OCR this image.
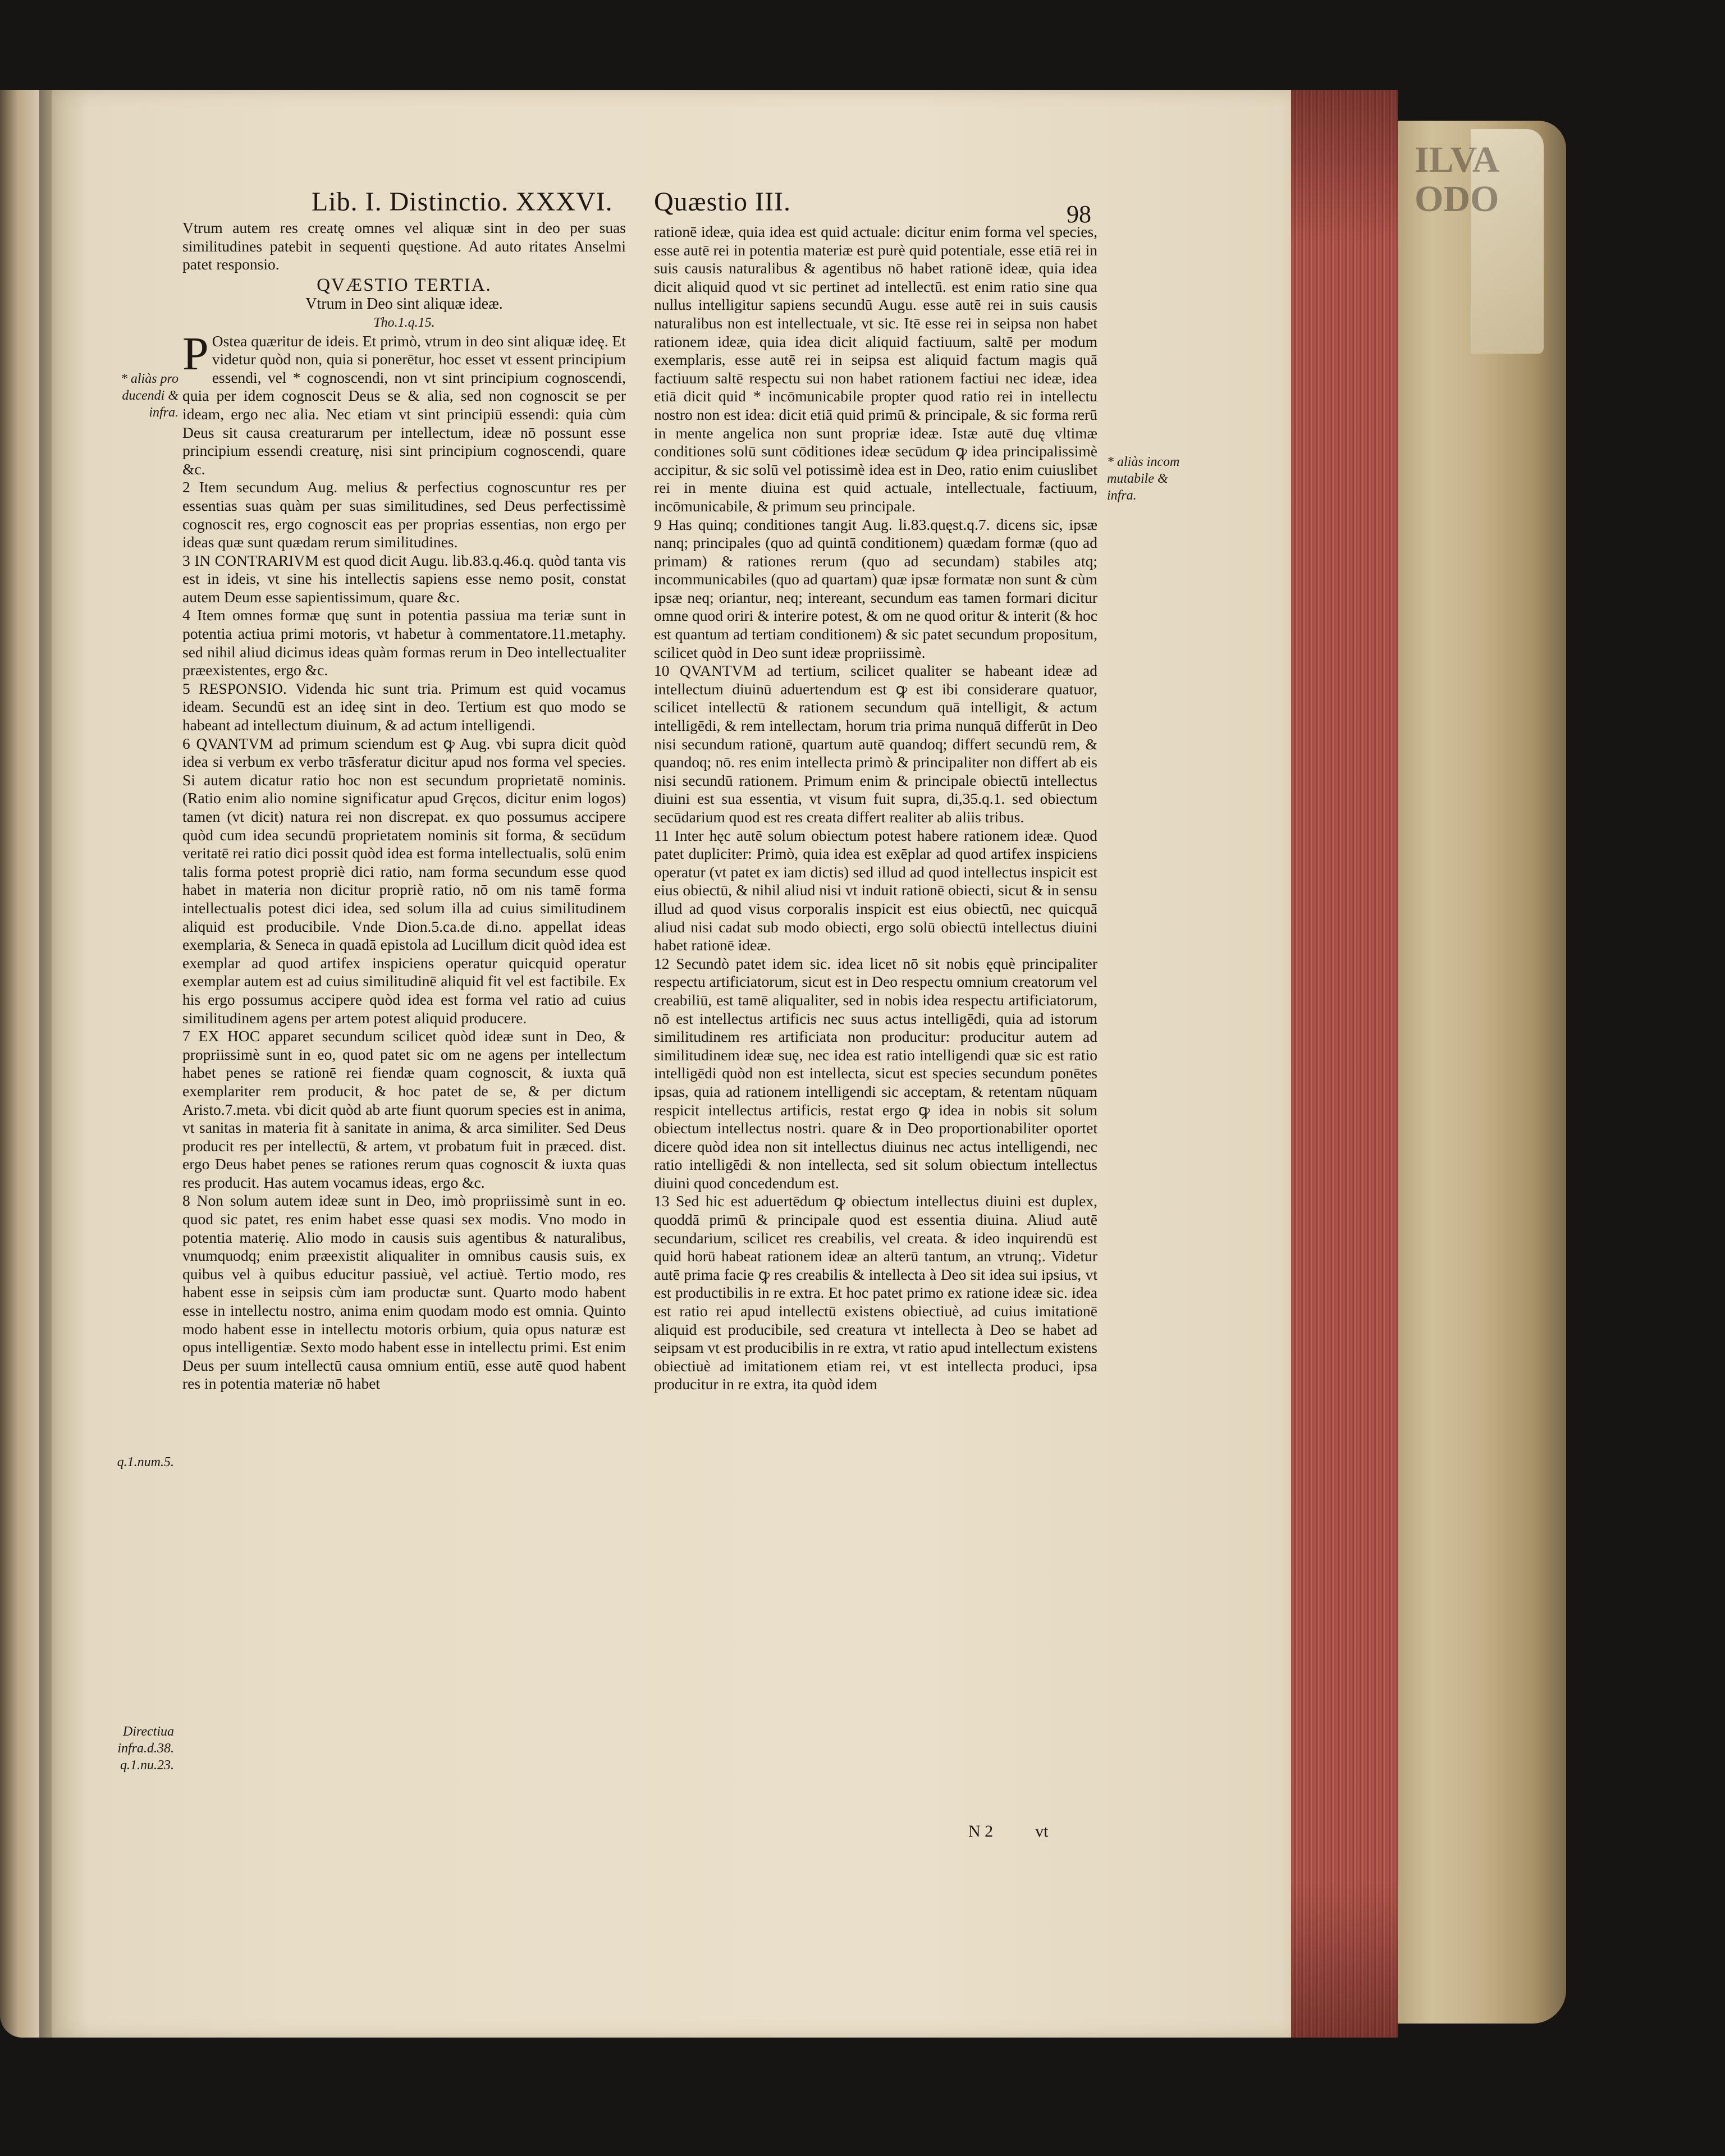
ILVA
ODO
Lib. I. Distinctio. XXXVI. Quæstio III.	98
* aliàs pro ducendi & infra.
q.1.num.5.
Directiua infra.d.38. q.1.nu.23.
* aliàs incom mutabile & infra.

Vtrum autem res creatę omnes vel aliquæ sint in deo per suas similitudines patebit in sequenti quęstione. Ad auto ritates Anselmi patet responsio.

QVÆSTIO TERTIA.
Vtrum in Deo sint aliquæ ideæ.
Tho.1.q.15.

P Ostea quæritur de ideis. Et primò, vtrum in deo sint aliquæ ideę. Et videtur quòd non, quia si ponerētur, hoc esset vt essent principium essendi, vel * cognoscendi, non vt sint principium cognoscendi, quia per idem cognoscit Deus se & alia, sed non cognoscit se per ideam, ergo nec alia. Nec etiam vt sint principiū essendi: quia cùm Deus sit causa creaturarum per intellectum, ideæ nō possunt esse principium essendi creaturę, nisi sint principium cognoscendi, quare &c.

2 Item secundum Aug. melius & perfectius cognoscuntur res per essentias suas quàm per suas similitudines, sed Deus perfectissimè cognoscit res, ergo cognoscit eas per proprias essentias, non ergo per ideas quæ sunt quædam rerum similitudines.

3 IN CONTRARIVM est quod dicit Augu. lib.83.q.46.q. quòd tanta vis est in ideis, vt sine his intellectis sapiens esse nemo posit, constat autem Deum esse sapientissimum, quare &c.

4 Item omnes formæ quę sunt in potentia passiua ma teriæ sunt in potentia actiua primi motoris, vt habetur à commentatore.11.metaphy. sed nihil aliud dicimus ideas quàm formas rerum in Deo intellectualiter præexistentes, ergo &c.

5 RESPONSIO. Videnda hic sunt tria. Primum est quid vocamus ideam. Secundū est an ideę sint in deo. Tertium est quo modo se habeant ad intellectum diuinum, & ad actum intelligendi.

6 QVANTVM ad primum sciendum est ꝙ Aug. vbi supra dicit quòd idea si verbum ex verbo trāsferatur dicitur apud nos forma vel species. Si autem dicatur ratio hoc non est secundum proprietatē nominis. (Ratio enim alio nomine significatur apud Gręcos, dicitur enim logos) tamen (vt dicit) natura rei non discrepat. ex quo possumus accipere quòd cum idea secundū proprietatem nominis sit forma, & secūdum veritatē rei ratio dici possit quòd idea est forma intellectualis, solū enim talis forma potest propriè dici ratio, nam forma secundum esse quod habet in materia non dicitur propriè ratio, nō om nis tamē forma intellectualis potest dici idea, sed solum illa ad cuius similitudinem aliquid est producibile. Vnde Dion.5.ca.de di.no. appellat ideas exemplaria, & Seneca in quadā epistola ad Lucillum dicit quòd idea est exemplar ad quod artifex inspiciens operatur quicquid operatur exemplar autem est ad cuius similitudinē aliquid fit vel est factibile. Ex his ergo possumus accipere quòd idea est forma vel ratio ad cuius similitudinem agens per artem potest aliquid producere.

7 EX HOC apparet secundum scilicet quòd ideæ sunt in Deo, & propriissimè sunt in eo, quod patet sic om ne agens per intellectum habet penes se rationē rei fiendæ quam cognoscit, & iuxta quā exemplariter rem producit, & hoc patet de se, & per dictum Aristo.7.meta. vbi dicit quòd ab arte fiunt quorum species est in anima, vt sanitas in materia fit à sanitate in anima, & arca similiter. Sed Deus producit res per intellectū, & artem, vt probatum fuit in præced. dist. ergo Deus habet penes se rationes rerum quas cognoscit & iuxta quas res producit. Has autem vocamus ideas, ergo &c.

8 Non solum autem ideæ sunt in Deo, imò propriissimè sunt in eo. quod sic patet, res enim habet esse quasi sex modis. Vno modo in potentia materię. Alio modo in causis suis agentibus & naturalibus, vnumquodq; enim præexistit aliqualiter in omnibus causis suis, ex quibus vel à quibus educitur passiuè, vel actiuè. Tertio modo, res habent esse in seipsis cùm iam productæ sunt. Quarto modo habent esse in intellectu nostro, anima enim quodam modo est omnia. Quinto modo habent esse in intellectu motoris orbium, quia opus naturæ est opus intelligentiæ. Sexto modo habent esse in intellectu primi. Est enim Deus per suum intellectū causa omnium entiū, esse autē quod habent res in potentia materiæ nō habet

rationē ideæ, quia idea est quid actuale: dicitur enim forma vel species, esse autē rei in potentia materiæ est purè quid potentiale, esse etiā rei in suis causis naturalibus & agentibus nō habet rationē ideæ, quia idea dicit aliquid quod vt sic pertinet ad intellectū. est enim ratio sine qua nullus intelligitur sapiens secundū Augu. esse autē rei in suis causis naturalibus non est intellectuale, vt sic. Itē esse rei in seipsa non habet rationem ideæ, quia idea dicit aliquid factiuum, saltē per modum exemplaris, esse autē rei in seipsa est aliquid factum magis quā factiuum saltē respectu sui non habet rationem factiui nec ideæ, idea etiā dicit quid * incōmunicabile propter quod ratio rei in intellectu nostro non est idea: dicit etiā quid primū & principale, & sic forma rerū in mente angelica non sunt propriæ ideæ. Istæ autē duę vltimæ conditiones solū sunt cōditiones ideæ secūdum ꝙ idea principalissimè accipitur, & sic solū vel potissimè idea est in Deo, ratio enim cuiuslibet rei in mente diuina est quid actuale, intellectuale, factiuum, incōmunicabile, & primum seu principale.

9 Has quinq; conditiones tangit Aug. li.83.quęst.q.7. dicens sic, ipsæ nanq; principales (quo ad quintā conditionem) quædam formæ (quo ad primam) & rationes rerum (quo ad secundam) stabiles atq; incommunicabiles (quo ad quartam) quæ ipsæ formatæ non sunt & cùm ipsæ neq; oriantur, neq; intereant, secundum eas tamen formari dicitur omne quod oriri & interire potest, & om ne quod oritur & interit (& hoc est quantum ad tertiam conditionem) & sic patet secundum propositum, scilicet quòd in Deo sunt ideæ propriissimè.

10 QVANTVM ad tertium, scilicet qualiter se habeant ideæ ad intellectum diuinū aduertendum est ꝙ est ibi considerare quatuor, scilicet intellectū & rationem secundum quā intelligit, & actum intelligēdi, & rem intellectam, horum tria prima nunquā differūt in Deo nisi secundum rationē, quartum autē quandoq; differt secundū rem, & quandoq; nō. res enim intellecta primò & principaliter non differt ab eis nisi secundū rationem. Primum enim & principale obiectū intellectus diuini est sua essentia, vt visum fuit supra, di,35.q.1. sed obiectum secūdarium quod est res creata differt realiter ab aliis tribus.

11 Inter hęc autē solum obiectum potest habere rationem ideæ. Quod patet dupliciter: Primò, quia idea est exēplar ad quod artifex inspiciens operatur (vt patet ex iam dictis) sed illud ad quod intellectus inspicit est eius obiectū, & nihil aliud nisi vt induit rationē obiecti, sicut & in sensu illud ad quod visus corporalis inspicit est eius obiectū, nec quicquā aliud nisi cadat sub modo obiecti, ergo solū obiectū intellectus diuini habet rationē ideæ.

12 Secundò patet idem sic. idea licet nō sit nobis ęquè principaliter respectu artificiatorum, sicut est in Deo respectu omnium creatorum vel creabiliū, est tamē aliqualiter, sed in nobis idea respectu artificiatorum, nō est intellectus artificis nec suus actus intelligēdi, quia ad istorum similitudinem res artificiata non producitur: producitur autem ad similitudinem ideæ suę, nec idea est ratio intelligendi quæ sic est ratio intelligēdi quòd non est intellecta, sicut est species secundum ponētes ipsas, quia ad rationem intelligendi sic acceptam, & retentam nūquam respicit intellectus artificis, restat ergo ꝙ idea in nobis sit solum obiectum intellectus nostri. quare & in Deo proportionabiliter oportet dicere quòd idea non sit intellectus diuinus nec actus intelligendi, nec ratio intelligēdi & non intellecta, sed sit solum obiectum intellectus diuini quod concedendum est.

13 Sed hic est aduertēdum ꝙ obiectum intellectus diuini est duplex, quoddā primū & principale quod est essentia diuina. Aliud autē secundarium, scilicet res creabilis, vel creata. & ideo inquirendū est quid horū habeat rationem ideæ an alterū tantum, an vtrunq;. Videtur autē prima facie ꝙ res creabilis & intellecta à Deo sit idea sui ipsius, vt est productibilis in re extra. Et hoc patet primo ex ratione ideæ sic. idea est ratio rei apud intellectū existens obiectiuè, ad cuius imitationē aliquid est producibile, sed creatura vt intellecta à Deo se habet ad seipsam vt est producibilis in re extra, vt ratio apud intellectum existens obiectiuè ad imitationem etiam rei, vt est intellecta produci, ipsa producitur in re extra, ita quòd idem

N 2          vt
